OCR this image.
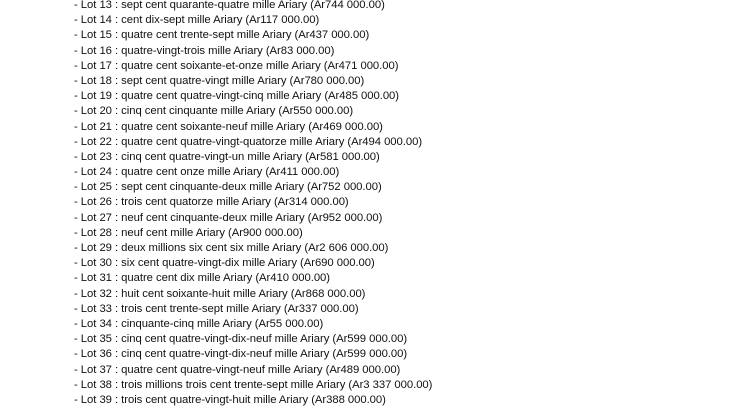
- Lot 13 : sept cent quarante-quatre mille Ariary (Ar744 000.00)
- Lot 14 : cent dix-sept mille Ariary (Ar117 000.00)
- Lot 15 : quatre cent trente-sept mille Ariary (Ar437 000.00)
- Lot 16 : quatre-vingt-trois mille Ariary (Ar83 000.00)
- Lot 17 : quatre cent soixante-et-onze mille Ariary (Ar471 000.00)
- Lot 18 : sept cent quatre-vingt mille Ariary (Ar780 000.00)
- Lot 19 : quatre cent quatre-vingt-cinq mille Ariary (Ar485 000.00)
- Lot 20 : cinq cent cinquante mille Ariary (Ar550 000.00)
- Lot 21 : quatre cent soixante-neuf mille Ariary (Ar469 000.00)
- Lot 22 : quatre cent quatre-vingt-quatorze mille Ariary (Ar494 000.00)
- Lot 23 : cinq cent quatre-vingt-un mille Ariary (Ar581 000.00)
- Lot 24 : quatre cent onze mille Ariary (Ar411 000.00)
- Lot 25 : sept cent cinquante-deux mille Ariary (Ar752 000.00)
- Lot 26 : trois cent quatorze mille Ariary (Ar314 000.00)
- Lot 27 : neuf cent cinquante-deux mille Ariary (Ar952 000.00)
- Lot 28 : neuf cent mille Ariary (Ar900 000.00)
- Lot 29 : deux millions six cent six mille Ariary (Ar2 606 000.00)
- Lot 30 : six cent quatre-vingt-dix mille Ariary (Ar690 000.00)
- Lot 31 : quatre cent dix mille Ariary (Ar410 000.00)
- Lot 32 : huit cent soixante-huit mille Ariary (Ar868 000.00)
- Lot 33 : trois cent trente-sept mille Ariary (Ar337 000.00)
- Lot 34 : cinquante-cinq mille Ariary (Ar55 000.00)
- Lot 35 : cinq cent quatre-vingt-dix-neuf mille Ariary (Ar599 000.00)
- Lot 36 : cinq cent quatre-vingt-dix-neuf mille Ariary (Ar599 000.00)
- Lot 37 : quatre cent quatre-vingt-neuf mille Ariary (Ar489 000.00)
- Lot 38 : trois millions trois cent trente-sept mille Ariary (Ar3 337 000.00)
- Lot 39 : trois cent quatre-vingt-huit mille Ariary (Ar388 000.00)
